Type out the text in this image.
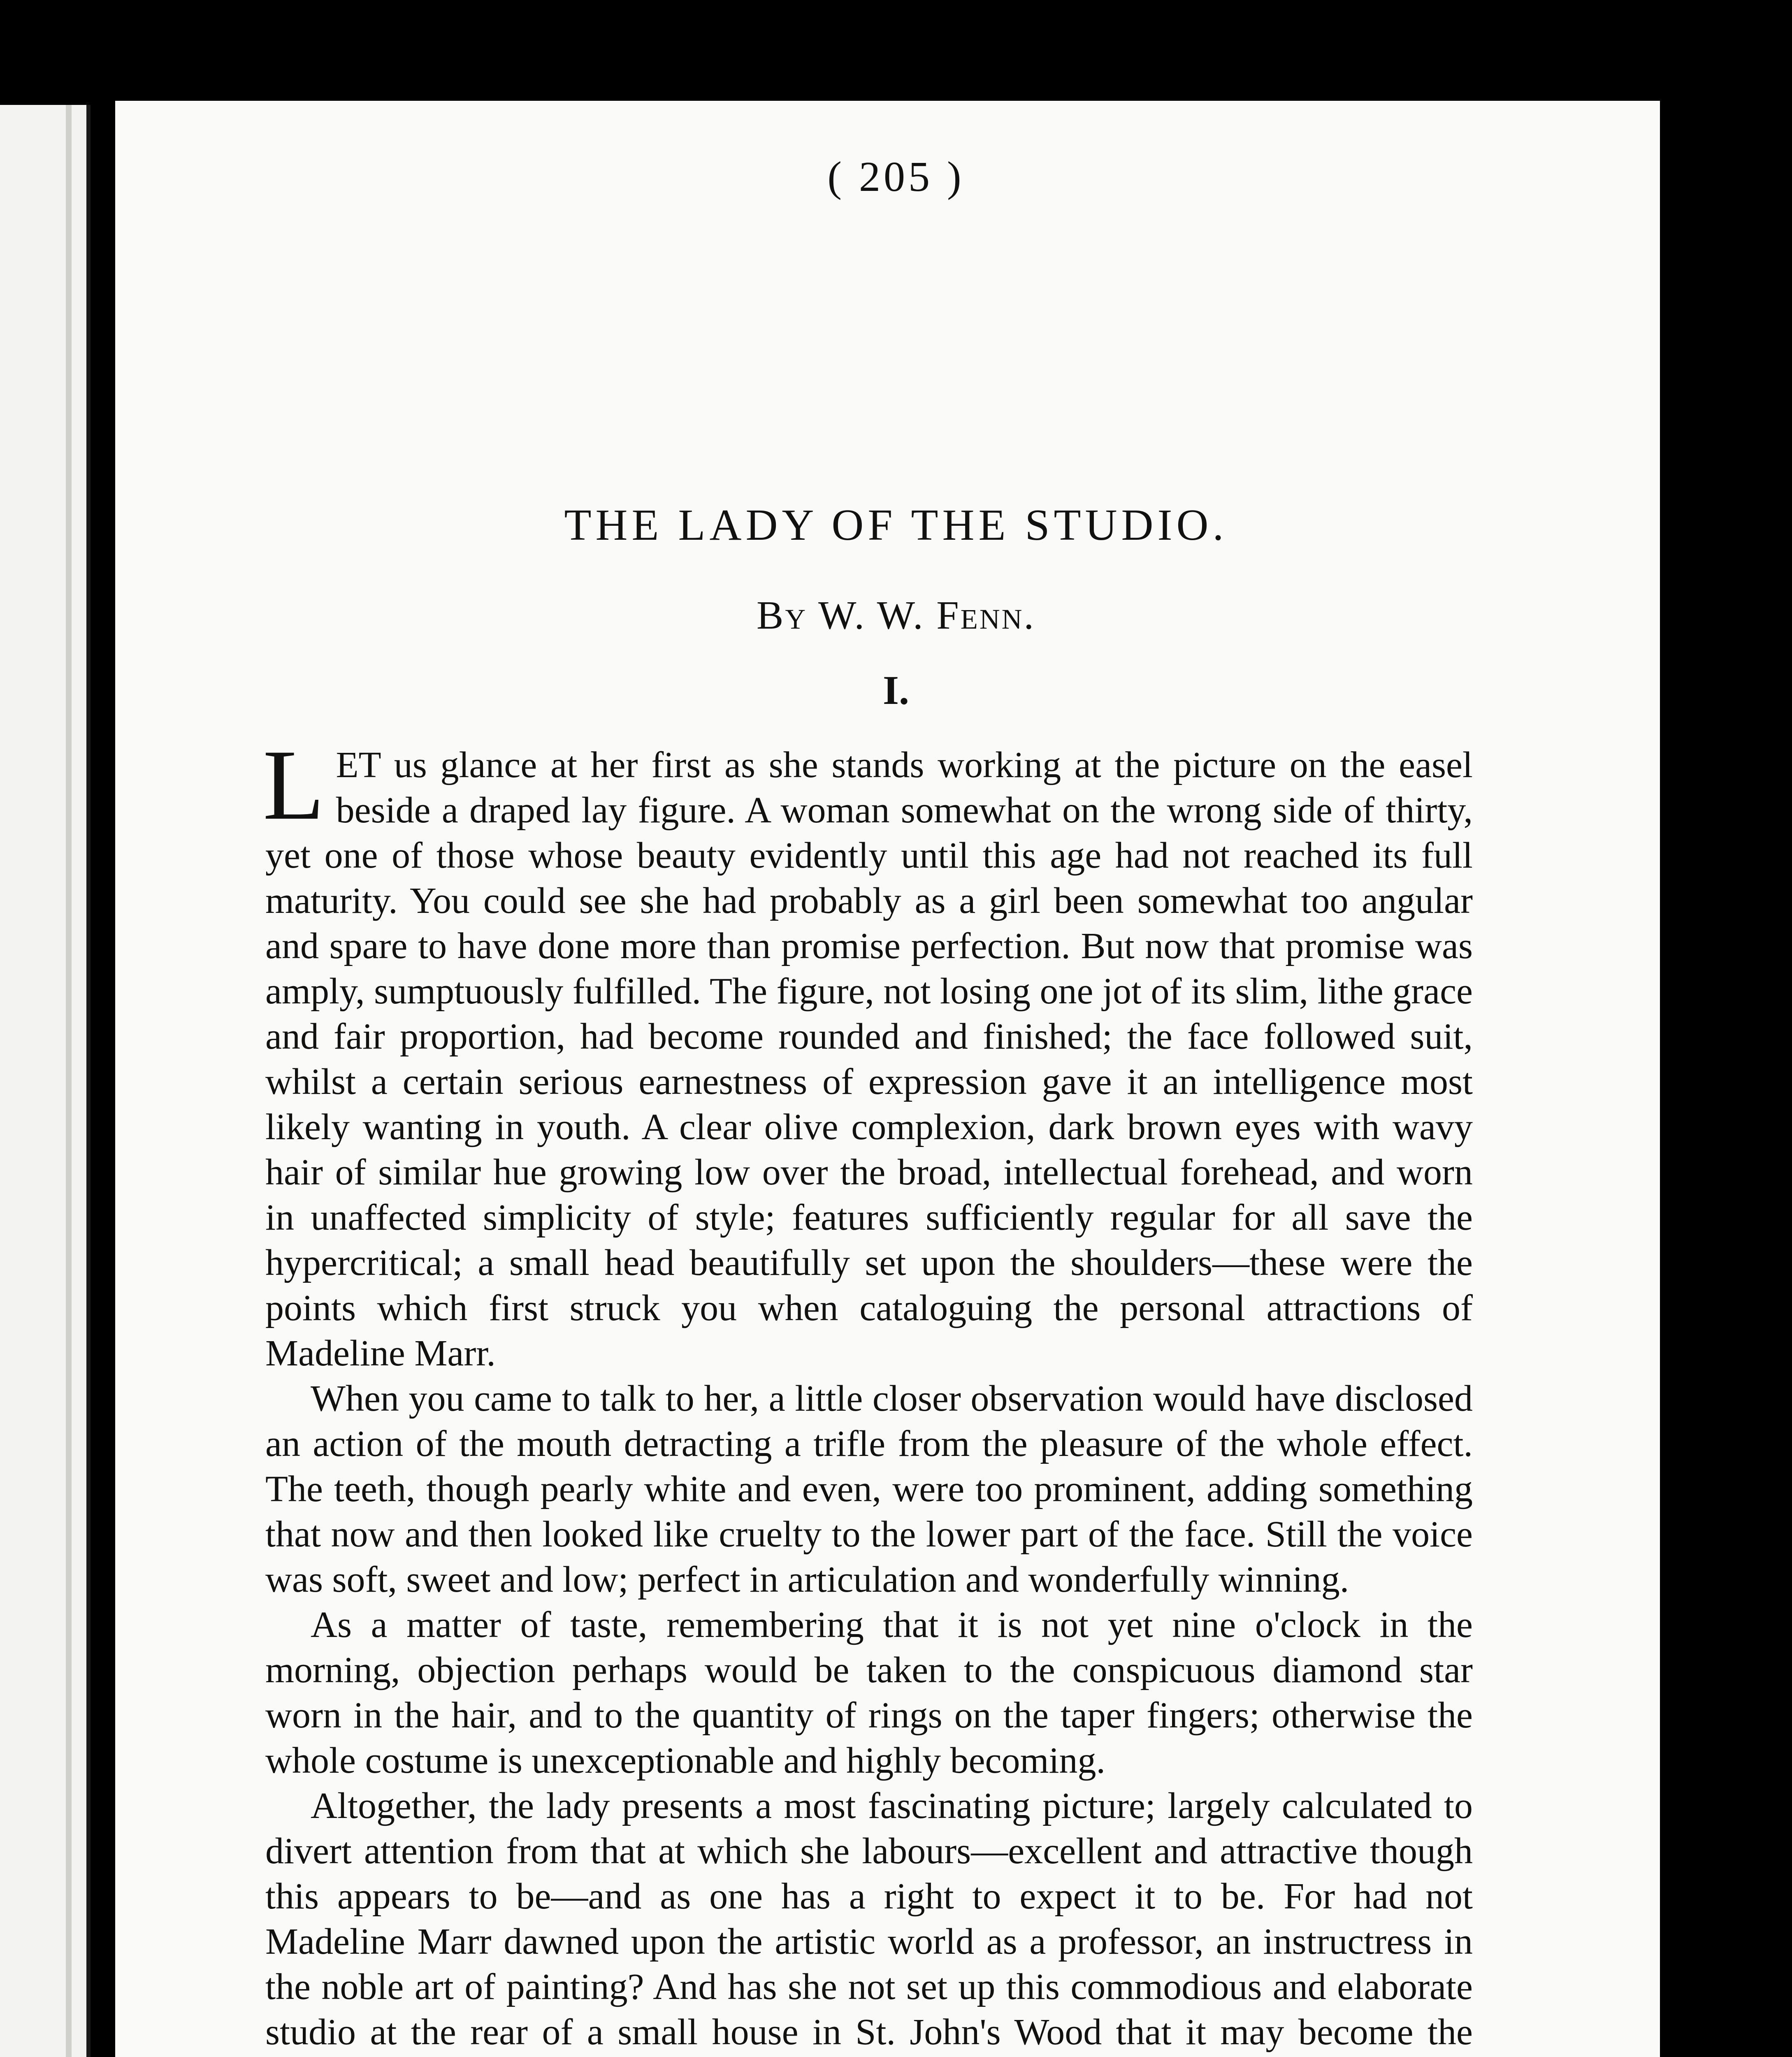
( 205 )
THE LADY OF THE STUDIO.
By W. W. Fenn.
I.

LET us glance at her first as she stands working at the picture on the easel beside a draped lay figure. A woman somewhat on the wrong side of thirty, yet one of those whose beauty evidently until this age had not reached its full maturity. You could see she had probably as a girl been somewhat too angular and spare to have done more than promise perfection. But now that promise was amply, sumptuously fulfilled. The figure, not losing one jot of its slim, lithe grace and fair proportion, had become rounded and finished; the face followed suit, whilst a certain serious earnestness of expression gave it an intelligence most likely wanting in youth. A clear olive complexion, dark brown eyes with wavy hair of similar hue growing low over the broad, intellectual forehead, and worn in unaffected simplicity of style; features sufficiently regular for all save the hypercritical; a small head beautifully set upon the shoulders—these were the points which first struck you when cataloguing the personal attractions of Madeline Marr.

When you came to talk to her, a little closer observation would have disclosed an action of the mouth detracting a trifle from the pleasure of the whole effect. The teeth, though pearly white and even, were too prominent, adding something that now and then looked like cruelty to the lower part of the face. Still the voice was soft, sweet and low; perfect in articulation and wonderfully winning.

As a matter of taste, remembering that it is not yet nine o'clock in the morning, objection perhaps would be taken to the conspicuous diamond star worn in the hair, and to the quantity of rings on the taper fingers; otherwise the whole costume is unexceptionable and highly becoming.

Altogether, the lady presents a most fascinating picture; largely calculated to divert attention from that at which she labours—excellent and attractive though this appears to be—and as one has a right to expect it to be. For had not Madeline Marr dawned upon the artistic world as a professor, an instructress in the noble art of painting? And has she not set up this commodious and elaborate studio at the rear of a small house in St. John's Wood that it may become the
